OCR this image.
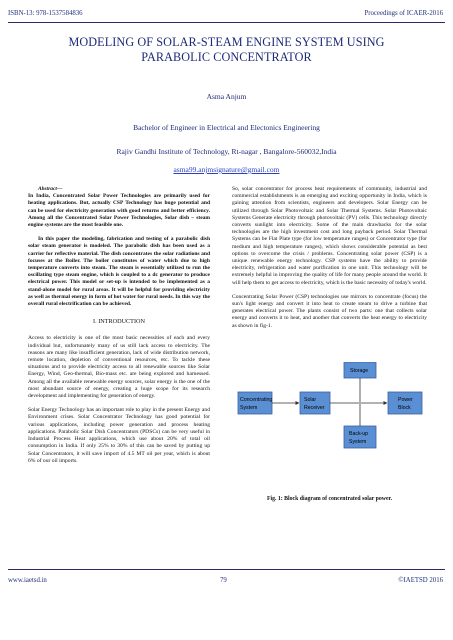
ISBN-13: 978-1537584836	Proceedings of ICAER-2016
MODELING OF SOLAR-STEAM ENGINE SYSTEM USING PARABOLIC CONCENTRATOR
Asma Anjum
Bachelor of Engineer in Electrical and Electonics Engineering
Rajiv Gandhi Institute of Technology, Rt-nagar , Bangalore-560032,India
asma99.anjmsignature@gmail.com

Abstract—
In India, Concentrated Solar Power Technologies are primarily used for heating applications. But, actually CSP Technology has huge potential and can be used for electricity generation with good returns and better efficiency. Among all the Concentrated Solar Power Technologies, Solar dish – steam engine systems are the most feasible one.

In this paper the modeling, fabrication and testing of a parabolic dish solar steam generator is modeled. The parabolic dish has been used as a carrier for reflective material. The dish concentrates the solar radiations and focuses at the Boiler. The boiler constitutes of water which due to high temperature converts into steam. The steam is essentially utilized to run the oscillating type steam engine, which is coupled to a dc generator to produce electrical power. This model or set-up is intended to be implemented as a stand-alone model for rural areas. It will be helpful for providing electricity as well as thermal energy in form of hot water for rural needs. In this way the overall rural electrification can be achieved.

I. INTRODUCTION

Access to electricity is one of the most basic necessities of each and every individual but, unfortunately many of us still lack access to electricity. The reasons are many like insufficient generation, lack of wide distribution network, remote location, depletion of conventional resources, etc. To tackle these situations and to provide electricity access to all renewable sources like Solar Energy, Wind, Geo-thermal, Bio-mass etc. are being explored and harnessed. Among all the available renewable energy sources, solar energy is the one of the most abundant source of energy, creating a huge scope for its research development and implementing for generation of energy.

Solar Energy Technology has an important role to play in the present Energy and Environment crises. Solar Concentrator Technology has good potential for various applications, including power generation and process heating applications. Parabolic Solar Dish Concentrators (PDSCs) can be very useful in Industrial Process Heat applications, which use about 20% of total oil consumption in India. If only 25% to 30% of this can be saved by putting up Solar Concentrators, it will save import of 4.5 MT oil per year, which is about 6% of our oil imports.

So, solar concentrator for process heat requirements of community, industrial and commercial establishments is an emerging and exciting opportunity in India, which is gaining attention from scientists, engineers and developers. Solar Energy can be utilized through Solar Photovoltaic and Solar Thermal Systems. Solar Photovoltaic Systems Generate electricity through photovoltaic (PV) cells. This technology directly converts sunlight into electricity. Some of the main drawbacks for the solar technologies are the high investment cost and long payback period. Solar Thermal Systems can be Flat Plate type (for low temperature ranges) or Concentrator type (for medium and high temperature ranges), which shows considerable potential as best options to overcome the crisis / problems. Concentrating solar power (CSP) is a unique renewable energy technology. CSP systems have the ability to provide electricity, refrigeration and water purification in one unit. This technology will be extremely helpful in improving the quality of life for many people around the world. It will help them to get access to electricity, which is the basic necessity of today's world.

Concentrating Solar Power (CSP) technologies use mirrors to concentrate (focus) the sun's light energy and convert it into heat to create steam to drive a turbine that generates electrical power. The plants consist of two parts: one that collects solar energy and converts it to heat, and another that converts the heat energy to electricity as shown in fig-1.

Storage
Concentrating
System
Solar
Receiver
Power
Block
Back-up
System
Fig. 1: Block diagram of concentrated solar power.
www.iaetsd.in	79	©IAETSD 2016
